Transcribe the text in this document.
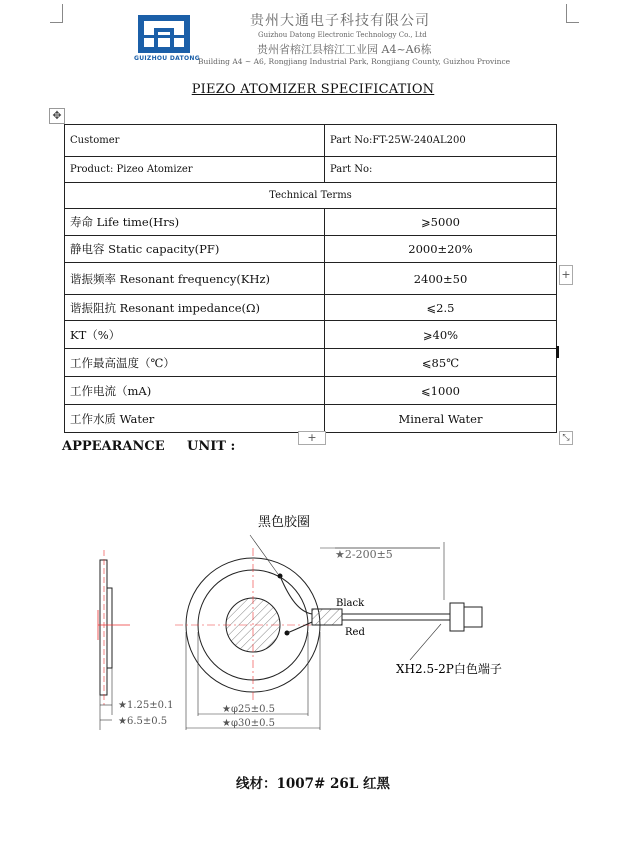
GUIZHOU DATONG
贵州大通电子科技有限公司
Guizhou Datong Electronic Technology Co., Ltd
贵州省榕江县榕江工业园 A4~A6栋
Building A4 ~ A6, Rongjiang Industrial Park, Rongjiang County, Guizhou Province
PIEZO ATOMIZER SPECIFICATION
✥
Customer	Part No:FT-25W-240AL200
Product: Pizeo Atomizer	Part No:
Technical Terms	
寿命 Life time(Hrs)	⩾5000
静电容 Static capacity(PF)	2000±20%
谐振频率 Resonant frequency(KHz)	2400±50
谐振阻抗 Resonant impedance(Ω)	⩽2.5
KT（%）	⩾40%
工作最高温度（℃）	⩽85℃
工作电流（mA)	⩽1000
工作水质 Water	Mineral Water
+
+	⤡
APPEARANCE UNIT :
黑色胶圈
★2-200±5
Black
Red
XH2.5-2P白色端子
★1.25±0.1
★6.5±0.5
★φ25±0.5
★φ30±0.5
线材：1007# 26L 红黑
